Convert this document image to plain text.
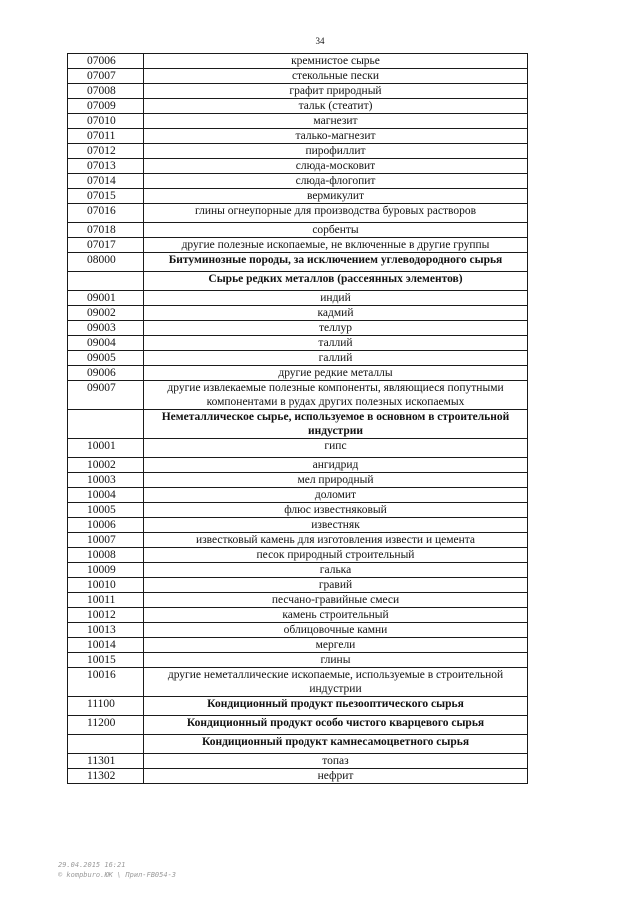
34
07006	кремнистое сырье
07007	стекольные пески
07008	графит природный
07009	тальк (стеатит)
07010	магнезит
07011	талько-магнезит
07012	пирофиллит
07013	слюда-московит
07014	слюда-флогопит
07015	вермикулит
07016	глины огнеупорные для производства буровых растворов
07018	сорбенты
07017	другие полезные ископаемые, не включенные в другие группы
08000	Битуминозные породы, за исключением углеводородного сырья
	Сырье редких металлов (рассеянных элементов)
09001	индий
09002	кадмий
09003	теллур
09004	таллий
09005	галлий
09006	другие редкие металлы
09007	другие извлекаемые полезные компоненты, являющиеся попутными компонентами в рудах других полезных ископаемых
	Неметаллическое сырье, используемое в основном в строительной индустрии
10001	гипс
10002	ангидрид
10003	мел природный
10004	доломит
10005	флюс известняковый
10006	известняк
10007	известковый камень для изготовления извести и цемента
10008	песок природный строительный
10009	галька
10010	гравий
10011	песчано-гравийные смеси
10012	камень строительный
10013	облицовочные камни
10014	мергели
10015	глины
10016	другие неметаллические ископаемые, используемые в строительной индустрии
11100	Кондиционный продукт пьезооптического сырья
11200	Кондиционный продукт особо чистого кварцевого сырья
	Кондиционный продукт камнесамоцветного сырья
11301	топаз
11302	нефрит
29.04.2015 16:21
© kompburo.ЮК \ Прил-FB054-3
